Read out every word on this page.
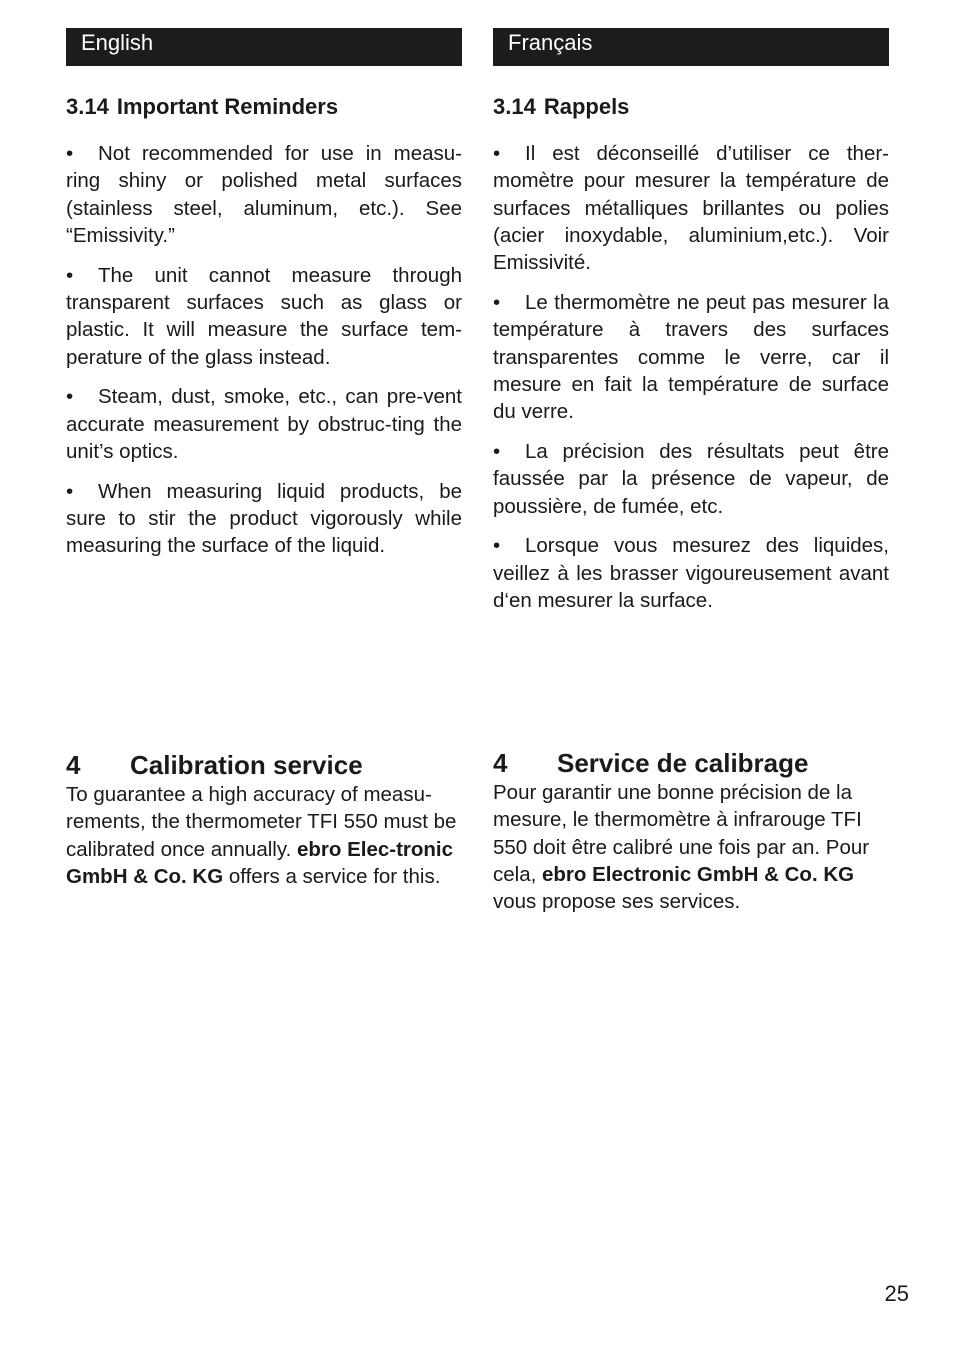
English
3.14 Important Reminders
• Not recommended for use in measu-ring shiny or polished metal surfaces (stainless steel, aluminum, etc.). See “Emissivity.”
• The unit cannot measure through transparent surfaces such as glass or plastic. It will measure the surface tem-perature of the glass instead.
• Steam, dust, smoke, etc., can pre-vent accurate measurement by obstruc-ting the unit’s optics.
• When measuring liquid products, be sure to stir the product vigorously while measuring the surface of the liquid.
4 Calibration service

To guarantee a high accuracy of measu-rements, the thermometer TFI 550 must be calibrated once annually. ebro Elec-tronic GmbH & Co. KG offers a service for this.

Français
3.14 Rappels
• Il est déconseillé d’utiliser ce ther-momètre pour mesurer la température de surfaces métalliques brillantes ou polies (acier inoxydable, aluminium,etc.). Voir Emissivité.
• Le thermomètre ne peut pas mesurer la température à travers des surfaces transparentes comme le verre, car il mesure en fait la température de surface du verre.
• La précision des résultats peut être faussée par la présence de vapeur, de poussière, de fumée, etc.
• Lorsque vous mesurez des liquides, veillez à les brasser vigoureusement avant d‘en mesurer la surface.
4 Service de calibrage

Pour garantir une bonne précision de la mesure, le thermomètre à infrarouge TFI 550 doit être calibré une fois par an. Pour cela, ebro Electronic GmbH & Co. KG vous propose ses services.

25
